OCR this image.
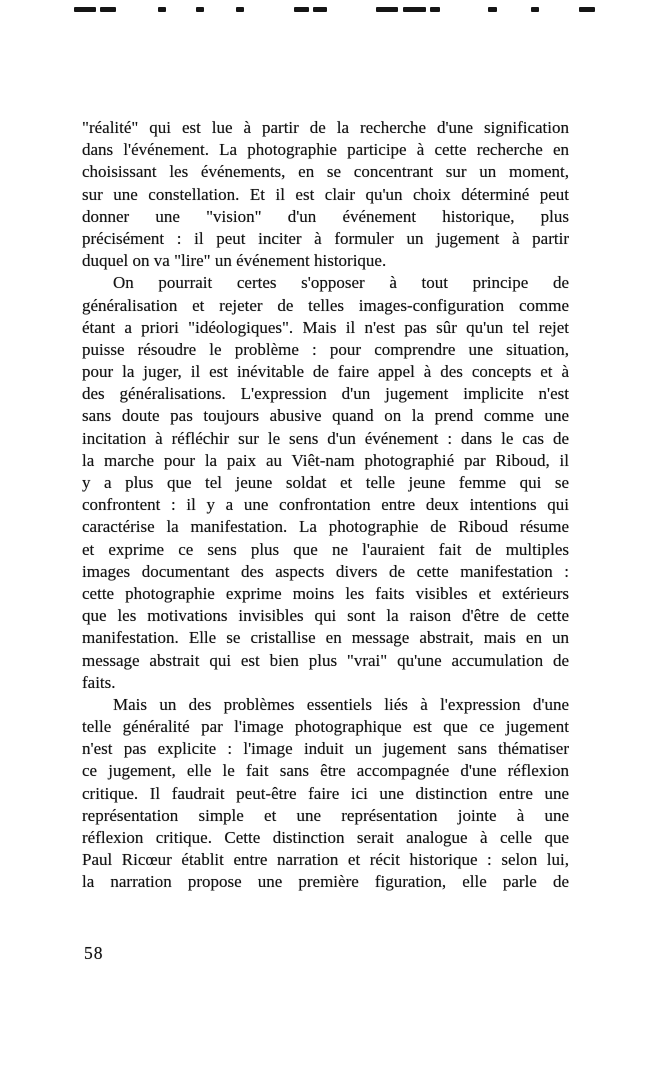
"réalité" qui est lue à partir de la recherche d'une signification
dans l'événement. La photographie participe à cette recherche en
choisissant les événements, en se concentrant sur un moment,
sur une constellation. Et il est clair qu'un choix déterminé peut
donner une "vision" d'un événement historique, plus
précisément : il peut inciter à formuler un jugement à partir
duquel on va "lire" un événement historique.
On pourrait certes s'opposer à tout principe de
généralisation et rejeter de telles images-configuration comme
étant a priori "idéologiques". Mais il n'est pas sûr qu'un tel rejet
puisse résoudre le problème : pour comprendre une situation,
pour la juger, il est inévitable de faire appel à des concepts et à
des généralisations. L'expression d'un jugement implicite n'est
sans doute pas toujours abusive quand on la prend comme une
incitation à réfléchir sur le sens d'un événement : dans le cas de
la marche pour la paix au Viêt-nam photographié par Riboud, il
y a plus que tel jeune soldat et telle jeune femme qui se
confrontent : il y a une confrontation entre deux intentions qui
caractérise la manifestation. La photographie de Riboud résume
et exprime ce sens plus que ne l'auraient fait de multiples
images documentant des aspects divers de cette manifestation :
cette photographie exprime moins les faits visibles et extérieurs
que les motivations invisibles qui sont la raison d'être de cette
manifestation. Elle se cristallise en message abstrait, mais en un
message abstrait qui est bien plus "vrai" qu'une accumulation de
faits.
Mais un des problèmes essentiels liés à l'expression d'une
telle généralité par l'image photographique est que ce jugement
n'est pas explicite : l'image induit un jugement sans thématiser
ce jugement, elle le fait sans être accompagnée d'une réflexion
critique. Il faudrait peut-être faire ici une distinction entre une
représentation simple et une représentation jointe à une
réflexion critique. Cette distinction serait analogue à celle que
Paul Ricœur établit entre narration et récit historique : selon lui,
la narration propose une première figuration, elle parle de
58
